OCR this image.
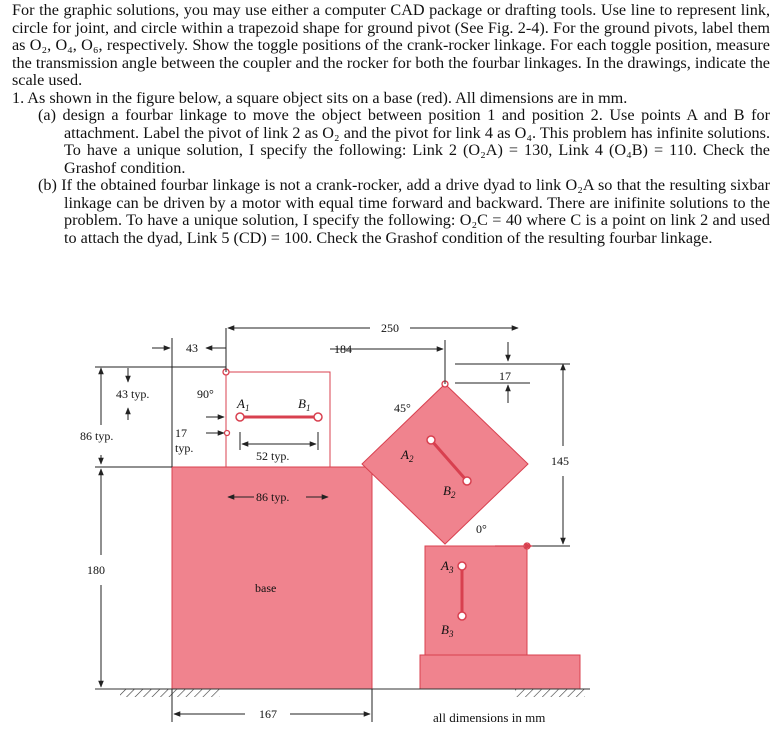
For the graphic solutions, you may use either a computer CAD package or drafting tools. Use line to represent link, circle for joint, and circle within a trapezoid shape for ground pivot (See Fig. 2-4). For the ground pivots, label them as O₂, O₄, O₆, respectively. Show the toggle positions of the crank-rocker linkage. For each toggle position, measure the transmission angle between the coupler and the rocker for both the fourbar linkages. In the drawings, indicate the scale used.

1. As shown in the figure below, a square object sits on a base (red). All dimensions are in mm.

(a) design a fourbar linkage to move the object between position 1 and position 2. Use points A and B for attachment. Label the pivot of link 2 as O₂ and the pivot for link 4 as O₄. This problem has infinite solutions. To have a unique solution, I specify the following: Link 2 (O₂A) = 130, Link 4 (O₄B) = 110. Check the Grashof condition.

(b) If the obtained fourbar linkage is not a crank-rocker, add a drive dyad to link O₂A so that the resulting sixbar linkage can be driven by a motor with equal time forward and backward. There are inifinite solutions to the problem. To have a unique solution, I specify the following: O₂C = 40 where C is a point on link 2 and used to attach the dyad, Link 5 (CD) = 100. Check the Grashof condition of the resulting fourbar linkage.

43
250
184
17
43 typ.	90°
45°
86 typ.	17
typ.
52 typ.	145
86 typ.
0°
180
167
$A_1$	$B_1$
$A_2$
$B_2$
$A_3$
$B_3$
base
all dimensions in mm
